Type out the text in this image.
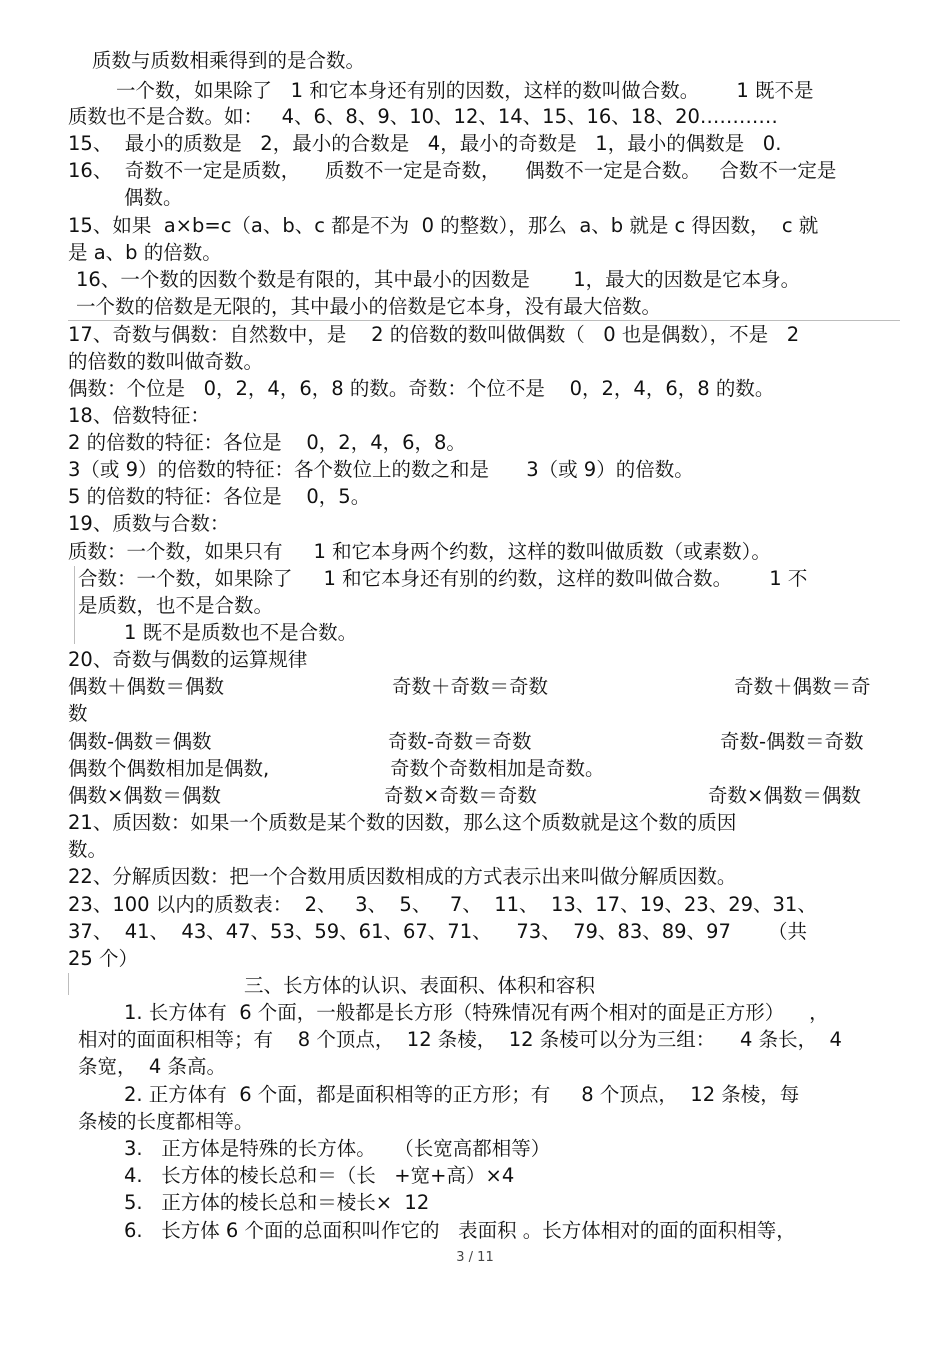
质数与质数相乘得到的是合数。
一个数，如果除了   1 和它本身还有别的因数，这样的数叫做合数。      1 既不是
质数也不是合数。如：   4、6、8、9、10、12、14、15、16、18、20…………
15、  最小的质数是   2，最小的合数是   4，最小的奇数是   1，最小的偶数是   0.
16、  奇数不一定是质数，    质数不一定是奇数，    偶数不一定是合数。   合数不一定是
偶数。
15、如果  a×b=c（a、b、c 都是不为  0 的整数），那么  a、b 就是 c 得因数，  c 就
是 a、b 的倍数。
16、一个数的因数个数是有限的，其中最小的因数是       1，最大的因数是它本身。
一个数的倍数是无限的，其中最小的倍数是它本身，没有最大倍数。
17、奇数与偶数：自然数中，是    2 的倍数的数叫做偶数（   0 也是偶数），不是   2
的倍数的数叫做奇数。
偶数：个位是   0，2，4，6，8 的数。奇数：个位不是    0，2，4，6，8 的数。
18、倍数特征：
2 的倍数的特征：各位是    0，2，4，6，8。
3（或 9）的倍数的特征：各个数位上的数之和是      3（或 9）的倍数。
5 的倍数的特征：各位是    0，5。
19、质数与合数：
质数：一个数，如果只有     1 和它本身两个约数，这样的数叫做质数（或素数）。
合数：一个数，如果除了     1 和它本身还有别的约数，这样的数叫做合数。      1 不
是质数，也不是合数。
1 既不是质数也不是合数。
20、奇数与偶数的运算规律
偶数＋偶数＝偶数	奇数＋奇数＝奇数	奇数＋偶数＝奇
数
偶数-偶数＝偶数	奇数-奇数＝奇数	奇数-偶数＝奇数
偶数个偶数相加是偶数,	奇数个奇数相加是奇数。
偶数×偶数＝偶数	奇数×奇数＝奇数	奇数×偶数＝偶数
21、质因数：如果一个质数是某个数的因数，那么这个质数就是这个数的质因
数。
22、分解质因数：把一个合数用质因数相成的方式表示出来叫做分解质因数。
23、100 以内的质数表：  2、   3、  5、   7、  11、  13、17、19、23、29、31、
37、  41、  43、47、53、59、61、67、71、    73、  79、83、89、97      （共
25 个）
三、长方体的认识、表面积、体积和容积
1. 长方体有  6 个面，一般都是长方形（特殊情况有两个相对的面是正方形）    ，
相对的面面积相等；有    8 个顶点，  12 条棱，  12 条棱可以分为三组：    4 条长，  4
条宽，  4 条高。
2. 正方体有  6 个面，都是面积相等的正方形；有     8 个顶点，  12 条棱，每
条棱的长度都相等。
3.   正方体是特殊的长方体。   （长宽高都相等）
4.   长方体的棱长总和＝（长   +宽+高）×4
5.   正方体的棱长总和＝棱长×  12
6.   长方体 6 个面的总面积叫作它的   表面积 。长方体相对的面的面积相等，
3 / 11
